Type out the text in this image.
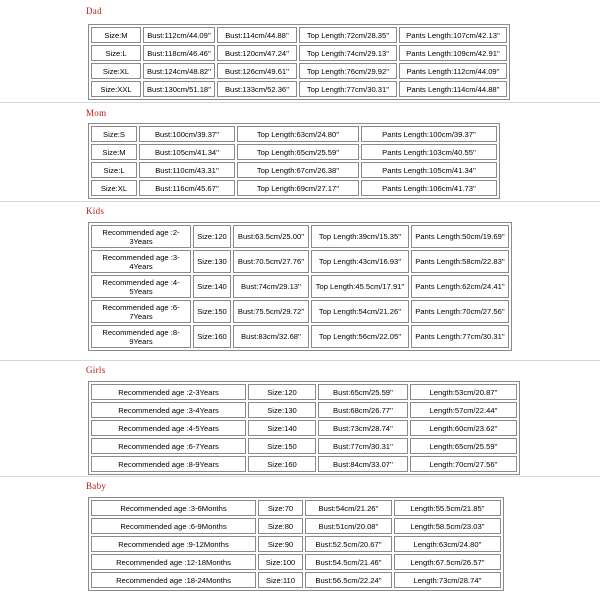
Dad
Size:M	Bust:112cm/44.09''	Bust:114cm/44.88''	Top Length:72cm/28.35''	Pants Length:107cm/42.13''
Size:L	Bust:118cm/46.46''	Bust:120cm/47.24''	Top Length:74cm/29.13''	Pants Length:109cm/42.91''
Size:XL	Bust:124cm/48.82''	Bust:126cm/49.61''	Top Length:76cm/29.92''	Pants Length:112cm/44.09''
Size:XXL	Bust:130cm/51.18''	Bust:133cm/52.36''	Top Length:77cm/30.31''	Pants Length:114cm/44.88''
Mom
Size:S	Bust:100cm/39.37''	Top Length:63cm/24.80''	Pants Length:100cm/39.37''
Size:M	Bust:105cm/41.34''	Top Length:65cm/25.59''	Pants Length:103cm/40.55''
Size:L	Bust:110cm/43.31''	Top Length:67cm/26.38''	Pants Length:105cm/41.34''
Size:XL	Bust:116cm/45.67''	Top Length:69cm/27.17''	Pants Length:106cm/41.73''
Kids
Recommended age :2-3Years	Size:120	Bust:63.5cm/25.00''	Top Length:39cm/15.35''	Pants Length:50cm/19.69''
Recommended age :3-4Years	Size:130	Bust:70.5cm/27.76''	Top Length:43cm/16.93''	Pants Length:58cm/22.83''
Recommended age :4-5Years	Size:140	Bust:74cm/29.13''	Top Length:45.5cm/17.91''	Pants Length:62cm/24.41''
Recommended age :6-7Years	Size:150	Bust:75.5cm/29.72''	Top Length:54cm/21.26''	Pants Length:70cm/27.56''
Recommended age :8-9Years	Size:160	Bust:83cm/32.68''	Top Length:56cm/22.05''	Pants Length:77cm/30.31''
Girls
Recommended age :2-3Years	Size:120	Bust:65cm/25.59''	Length:53cm/20.87''
Recommended age :3-4Years	Size:130	Bust:68cm/26.77''	Length:57cm/22.44''
Recommended age :4-5Years	Size:140	Bust:73cm/28.74''	Length:60cm/23.62''
Recommended age :6-7Years	Size:150	Bust:77cm/30.31''	Length:65cm/25.59''
Recommended age :8-9Years	Size:160	Bust:84cm/33.07''	Length:70cm/27.56''
Baby
Recommended age :3-6Months	Size:70	Bust:54cm/21.26''	Length:55.5cm/21.85''
Recommended age :6-9Months	Size:80	Bust:51cm/20.08''	Length:58.5cm/23.03''
Recommended age :9-12Months	Size:90	Bust:52.5cm/20.67''	Length:63cm/24.80''
Recommended age :12-18Months	Size:100	Bust:54.5cm/21.46''	Length:67.5cm/26.57''
Recommended age :18-24Months	Size:110	Bust:56.5cm/22.24''	Length:73cm/28.74''
